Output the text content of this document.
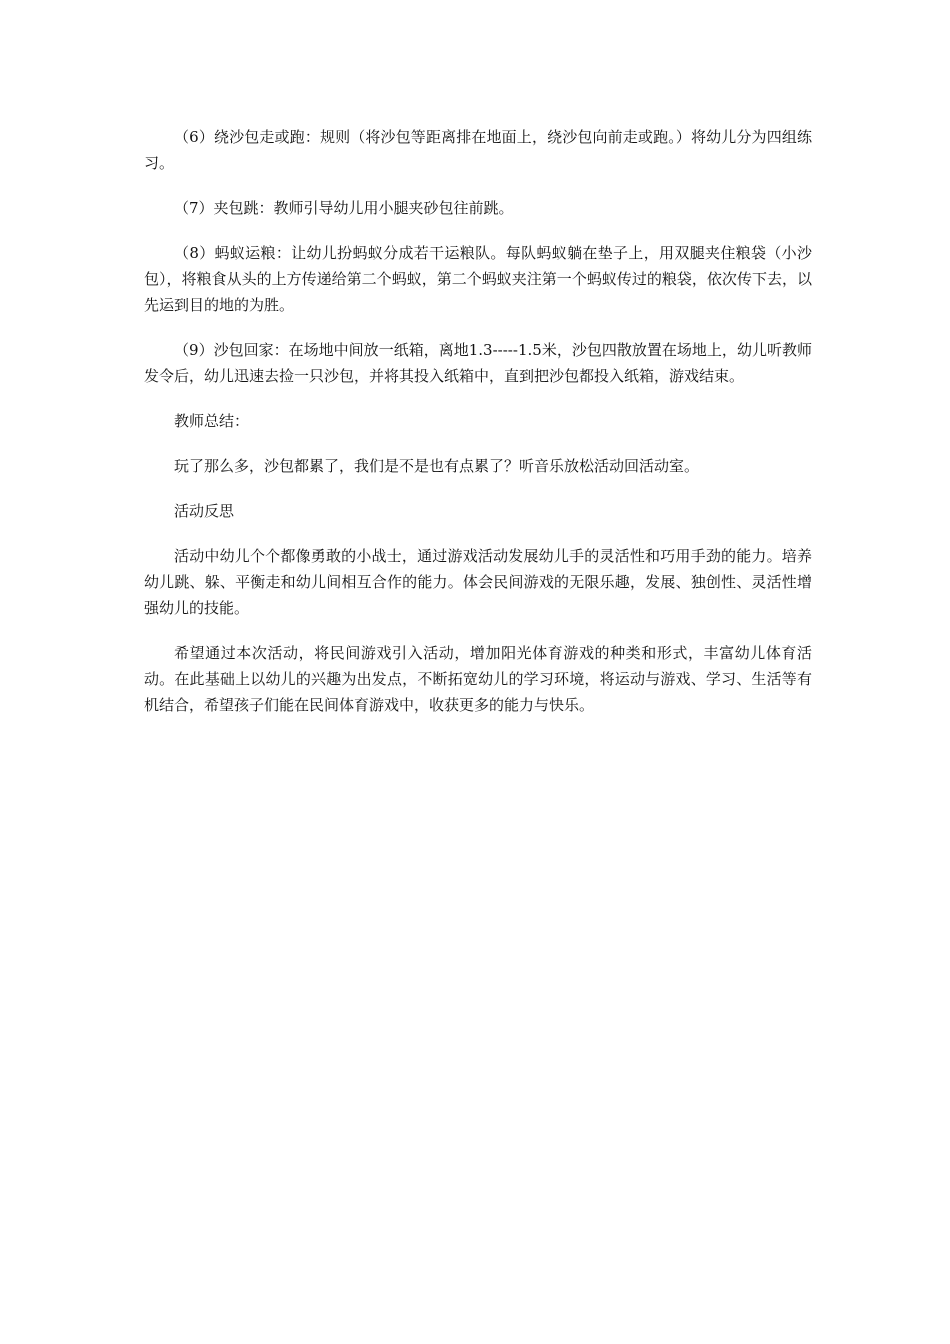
（6）绕沙包走或跑：规则（将沙包等距离排在地面上，绕沙包向前走或跑。）将幼儿分为四组练习。

（7）夹包跳：教师引导幼儿用小腿夹砂包往前跳。

（8）蚂蚁运粮：让幼儿扮蚂蚁分成若干运粮队。每队蚂蚁躺在垫子上，用双腿夹住粮袋（小沙包），将粮食从头的上方传递给第二个蚂蚁，第二个蚂蚁夹注第一个蚂蚁传过的粮袋，依次传下去，以先运到目的地的为胜。

（9）沙包回家：在场地中间放一纸箱，离地1.3-----1.5米，沙包四散放置在场地上，幼儿听教师发令后，幼儿迅速去捡一只沙包，并将其投入纸箱中，直到把沙包都投入纸箱，游戏结束。

教师总结：

玩了那么多，沙包都累了，我们是不是也有点累了？听音乐放松活动回活动室。

活动反思

活动中幼儿个个都像勇敢的小战士，通过游戏活动发展幼儿手的灵活性和巧用手劲的能力。培养幼儿跳、躲、平衡走和幼儿间相互合作的能力。体会民间游戏的无限乐趣，发展、独创性、灵活性增强幼儿的技能。

希望通过本次活动，将民间游戏引入活动，增加阳光体育游戏的种类和形式，丰富幼儿体育活动。在此基础上以幼儿的兴趣为出发点，不断拓宽幼儿的学习环境，将运动与游戏、学习、生活等有机结合，希望孩子们能在民间体育游戏中，收获更多的能力与快乐。
